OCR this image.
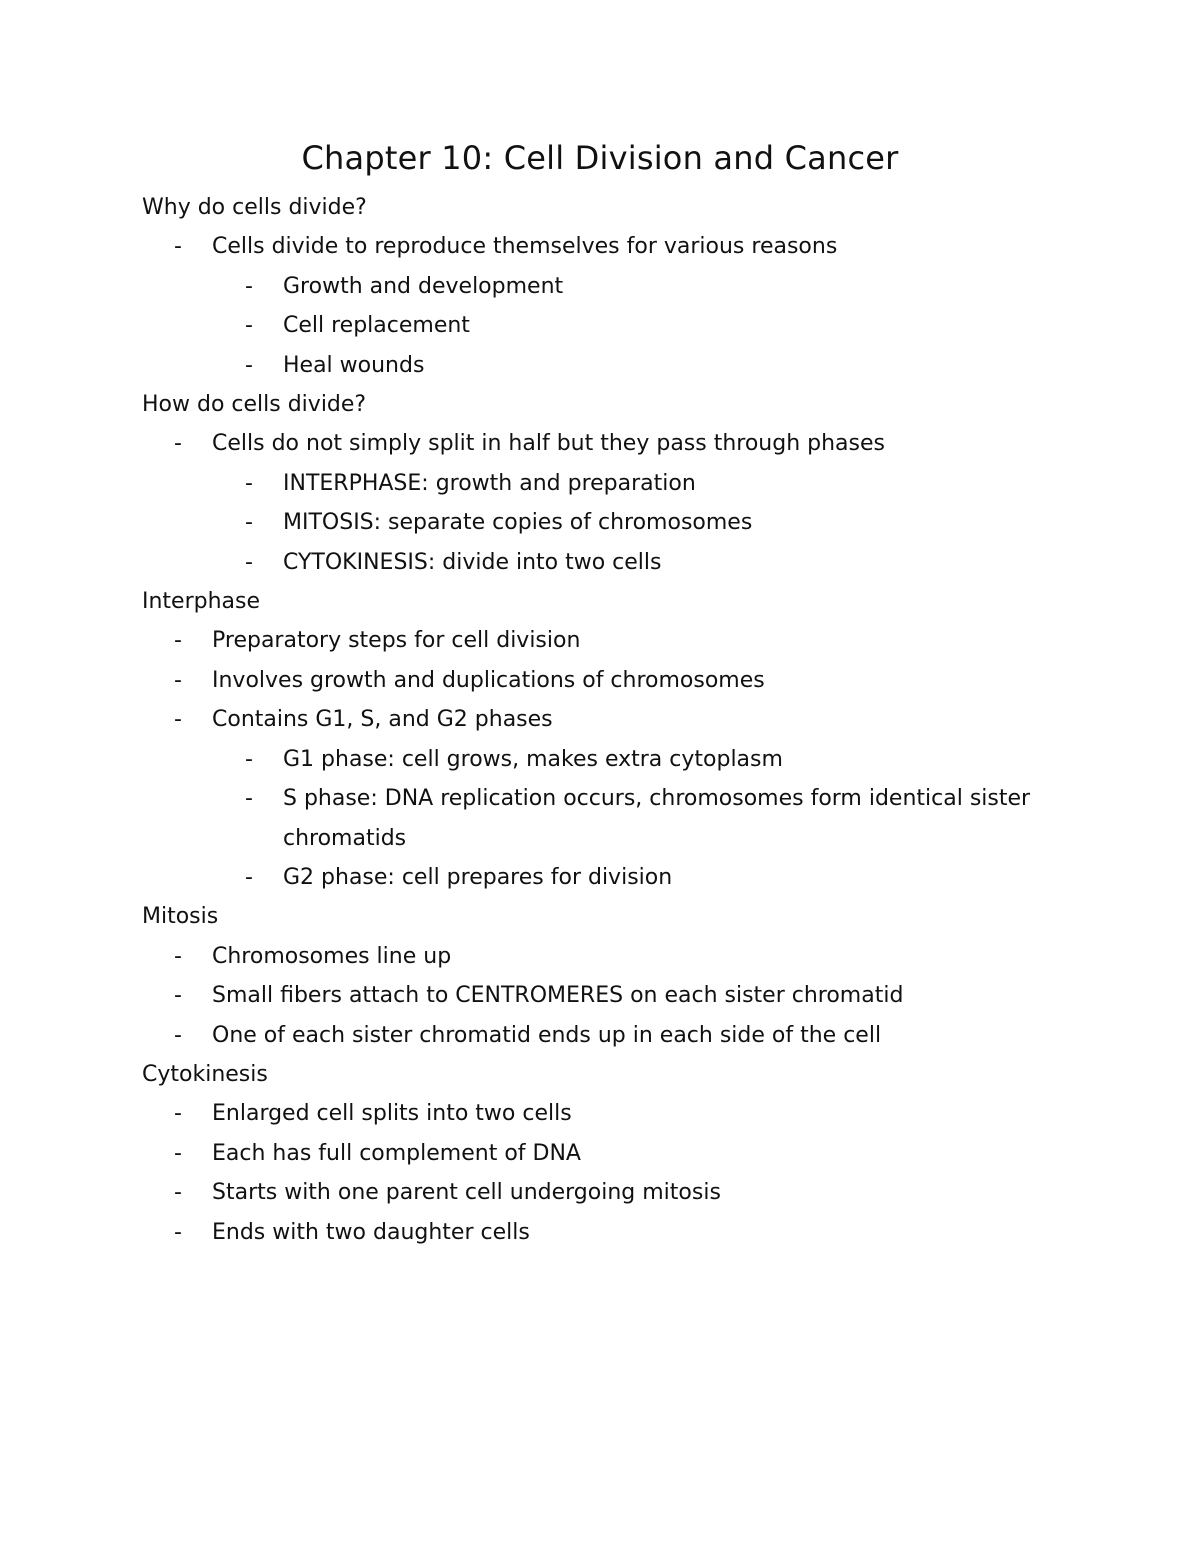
Chapter 10: Cell Division and Cancer
Why do cells divide?
- Cells divide to reproduce themselves for various reasons
- Growth and development
- Cell replacement
- Heal wounds
How do cells divide?
- Cells do not simply split in half but they pass through phases
- INTERPHASE: growth and preparation
- MITOSIS: separate copies of chromosomes
- CYTOKINESIS: divide into two cells
Interphase
- Preparatory steps for cell division
- Involves growth and duplications of chromosomes
- Contains G1, S, and G2 phases
- G1 phase: cell grows, makes extra cytoplasm
- S phase: DNA replication occurs, chromosomes form identical sister chromatids
- G2 phase: cell prepares for division
Mitosis
- Chromosomes line up
- Small fibers attach to CENTROMERES on each sister chromatid
- One of each sister chromatid ends up in each side of the cell
Cytokinesis
- Enlarged cell splits into two cells
- Each has full complement of DNA
- Starts with one parent cell undergoing mitosis
- Ends with two daughter cells
